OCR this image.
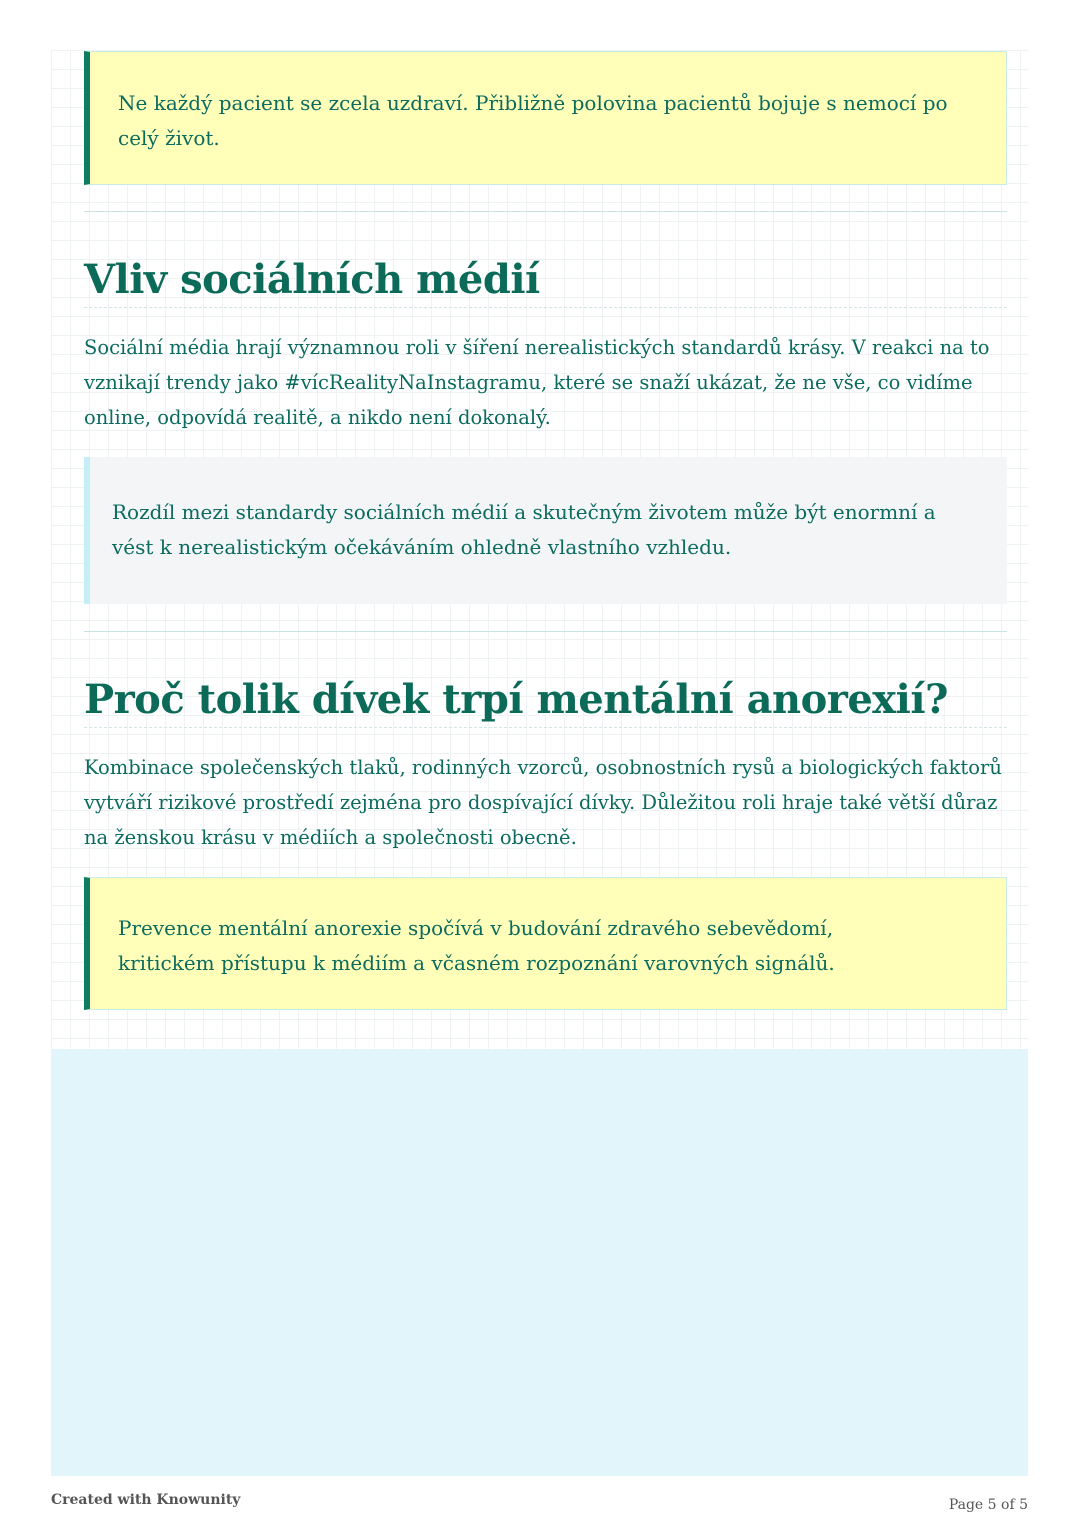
Ne každý pacient se zcela uzdraví. Přibližně polovina pacientů bojuje s nemocí po celý život.
Vliv sociálních médií

Sociální média hrají významnou roli v šíření nerealistických standardů krásy. V reakci na to vznikají trendy jako #vícRealityNaInstagramu, které se snaží ukázat, že ne vše, co vidíme online, odpovídá realitě, a nikdo není dokonalý.

Rozdíl mezi standardy sociálních médií a skutečným životem může být enormní a vést k nerealistickým očekáváním ohledně vlastního vzhledu.
Proč tolik dívek trpí mentální anorexií?

Kombinace společenských tlaků, rodinných vzorců, osobnostních rysů a biologických faktorů vytváří rizikové prostředí zejména pro dospívající dívky. Důležitou roli hraje také větší důraz na ženskou krásu v médiích a společnosti obecně.

Prevence mentální anorexie spočívá v budování zdravého sebevědomí, kritickém přístupu k médiím a včasném rozpoznání varovných signálů.
Created with Knowunity	Page 5 of 5
